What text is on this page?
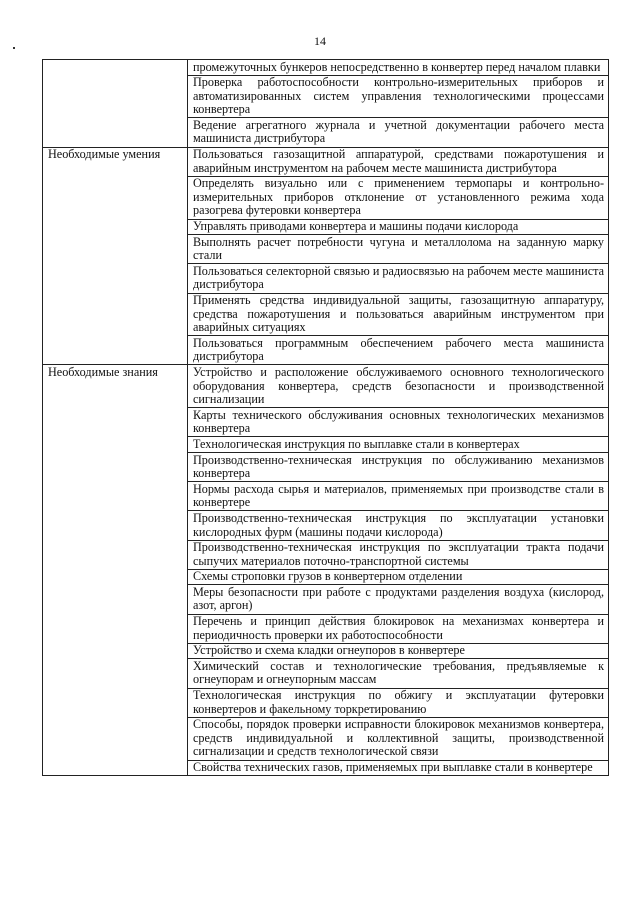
14
	промежуточных бункеров непосредственно в конвертер перед началом плавки
	Проверка работоспособности контрольно-измерительных приборов и автоматизированных систем управления технологическими процессами конвертера
	Ведение агрегатного журнала и учетной документации рабочего места машиниста дистрибутора
Необходимые умения	Пользоваться газозащитной аппаратурой, средствами пожаротушения и аварийным инструментом на рабочем месте машиниста дистрибутора
	Определять визуально или с применением термопары и контрольно-измерительных приборов отклонение от установленного режима хода разогрева футеровки конвертера
	Управлять приводами конвертера и машины подачи кислорода
	Выполнять расчет потребности чугуна и металлолома на заданную марку стали
	Пользоваться селекторной связью и радиосвязью на рабочем месте машиниста дистрибутора
	Применять средства индивидуальной защиты, газозащитную аппаратуру, средства пожаротушения и пользоваться аварийным инструментом при аварийных ситуациях
	Пользоваться программным обеспечением рабочего места машиниста дистрибутора
Необходимые знания	Устройство и расположение обслуживаемого основного технологического оборудования конвертера, средств безопасности и производственной сигнализации
	Карты технического обслуживания основных технологических механизмов конвертера
	Технологическая инструкция по выплавке стали в конвертерах
	Производственно-техническая инструкция по обслуживанию механизмов конвертера
	Нормы расхода сырья и материалов, применяемых при производстве стали в конвертере
	Производственно-техническая инструкция по эксплуатации установки кислородных фурм (машины подачи кислорода)
	Производственно-техническая инструкция по эксплуатации тракта подачи сыпучих материалов поточно-транспортной системы
	Схемы строповки грузов в конвертерном отделении
	Меры безопасности при работе с продуктами разделения воздуха (кислород, азот, аргон)
	Перечень и принцип действия блокировок на механизмах конвертера и периодичность проверки их работоспособности
	Устройство и схема кладки огнеупоров в конвертере
	Химический состав и технологические требования, предъявляемые к огнеупорам и огнеупорным массам
	Технологическая инструкция по обжигу и эксплуатации футеровки конвертеров и факельному торкретированию
	Способы, порядок проверки исправности блокировок механизмов конвертера, средств индивидуальной и коллективной защиты, производственной сигнализации и средств технологической связи
	Свойства технических газов, применяемых при выплавке стали в конвертере
